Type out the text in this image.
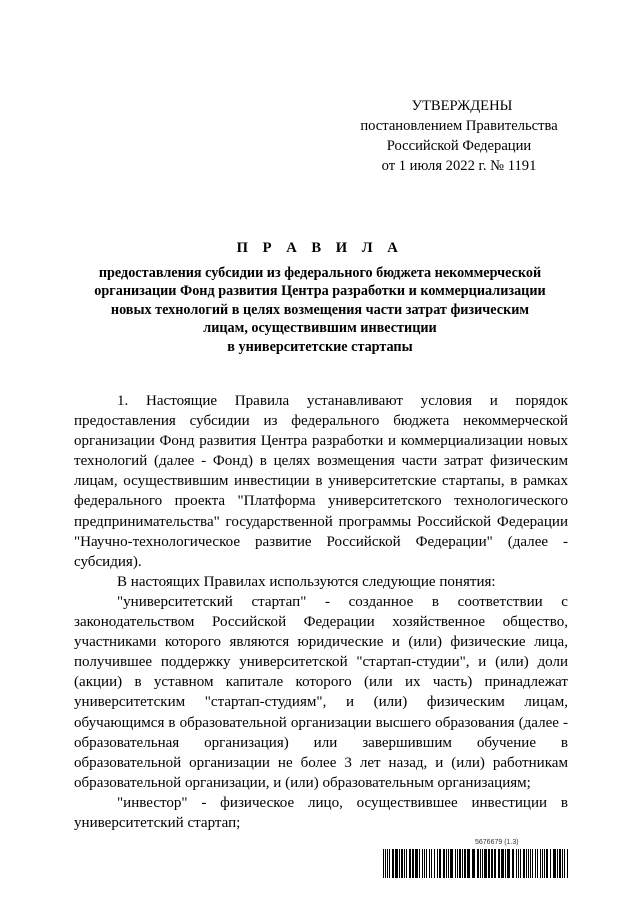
УТВЕРЖДЕНЫ
постановлением Правительства
Российской Федерации
от 1 июля 2022 г. № 1191
П Р А В И Л А
предоставления субсидии из федерального бюджета некоммерческой
организации Фонд развития Центра разработки и коммерциализации
новых технологий в целях возмещения части затрат физическим
лицам, осуществившим инвестиции
в университетские стартапы

1. Настоящие Правила устанавливают условия и порядок предоставления субсидии из федерального бюджета некоммерческой организации Фонд развития Центра разработки и коммерциализации новых технологий (далее - Фонд) в целях возмещения части затрат физическим лицам, осуществившим инвестиции в университетские стартапы, в рамках федерального проекта "Платформа университетского технологического предпринимательства" государственной программы Российской Федерации "Научно-технологическое развитие Российской Федерации" (далее - субсидия).

В настоящих Правилах используются следующие понятия:

"университетский стартап" - созданное в соответствии с законодательством Российской Федерации хозяйственное общество, участниками которого являются юридические и (или) физические лица, получившее поддержку университетской "стартап-студии", и (или) доли (акции) в уставном капитале которого (или их часть) принадлежат университетским "стартап-студиям", и (или) физическим лицам, обучающимся в образовательной организации высшего образования (далее - образовательная организация) или завершившим обучение в образовательной организации не более 3 лет назад, и (или) работникам образовательной организации, и (или) образовательным организациям;

"инвестор" - физическое лицо, осуществившее инвестиции в университетский стартап;

5676679 (1.3)
